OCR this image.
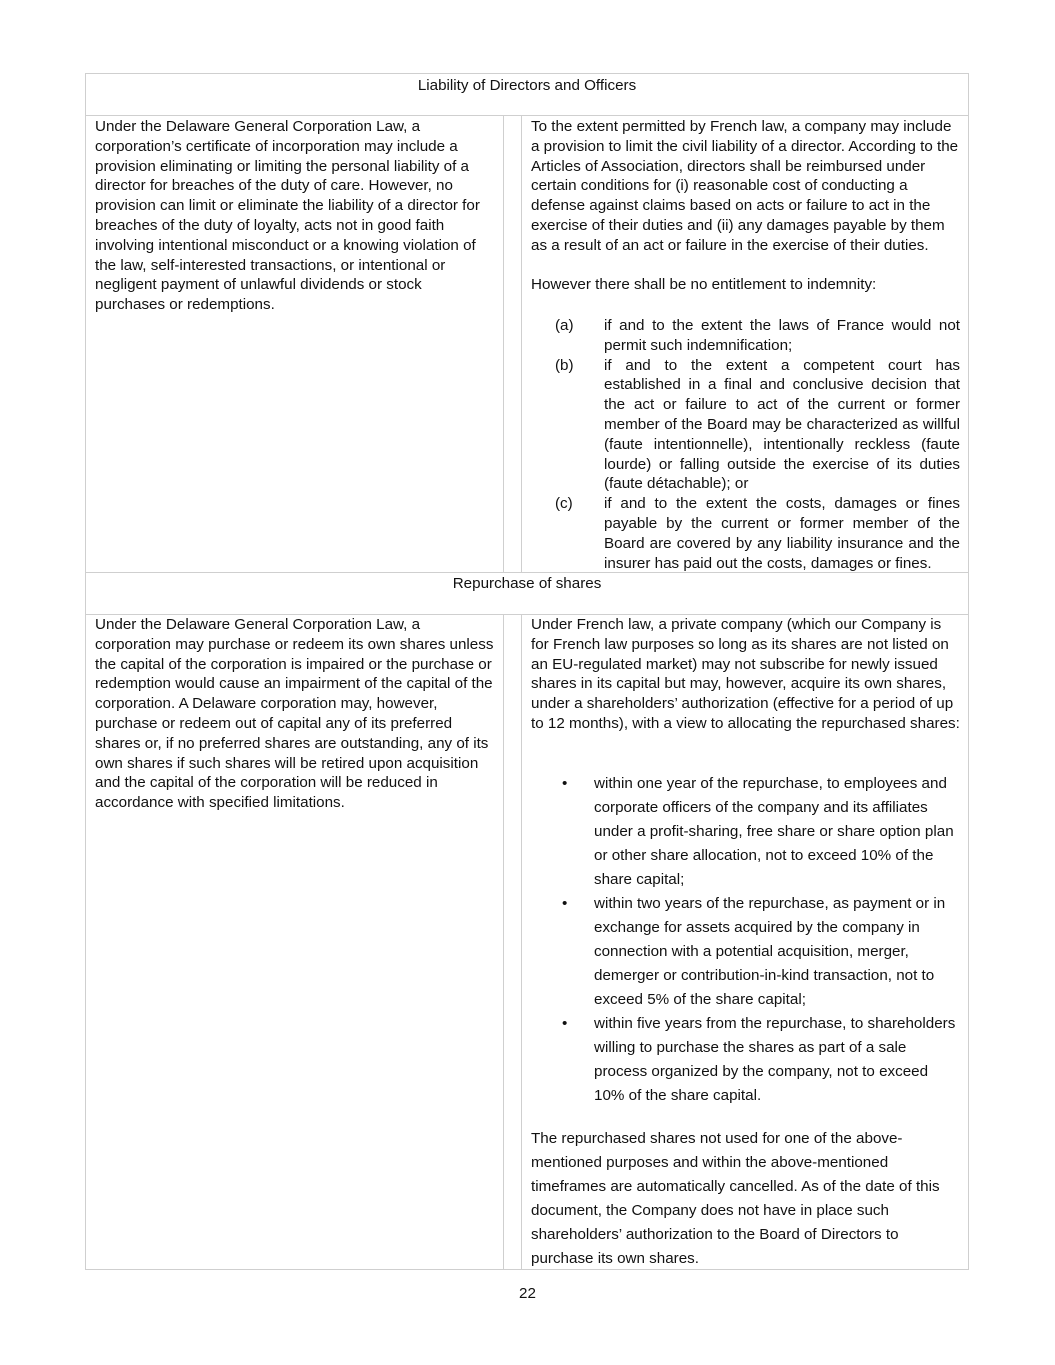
Liability of Directors and Officers

Under the Delaware General Corporation Law, a corporation’s certificate of incorporation may include a provision eliminating or limiting the personal liability of a director for breaches of the duty of care. However, no provision can limit or eliminate the liability of a director for breaches of the duty of loyalty, acts not in good faith involving intentional misconduct or a knowing violation of the law, self-interested transactions, or intentional or negligent payment of unlawful dividends or stock purchases or redemptions.

To the extent permitted by French law, a company may include a provision to limit the civil liability of a director. According to the Articles of Association, directors shall be reimbursed under certain conditions for (i) reasonable cost of conducting a defense against claims based on acts or failure to act in the exercise of their duties and (ii) any damages payable by them as a result of an act or failure in the exercise of their duties.

However there shall be no entitlement to indemnity:

(a) if and to the extent the laws of France would not permit such indemnification;
(b) if and to the extent a competent court has established in a final and conclusive decision that the act or failure to act of the current or former member of the Board may be characterized as willful (faute intentionnelle), intentionally reckless (faute lourde) or falling outside the exercise of its duties (faute détachable); or
(c) if and to the extent the costs, damages or fines payable by the current or former member of the Board are covered by any liability insurance and the insurer has paid out the costs, damages or fines.
Repurchase of shares

Under the Delaware General Corporation Law, a corporation may purchase or redeem its own shares unless the capital of the corporation is impaired or the purchase or redemption would cause an impairment of the capital of the corporation. A Delaware corporation may, however, purchase or redeem out of capital any of its preferred shares or, if no preferred shares are outstanding, any of its own shares if such shares will be retired upon acquisition and the capital of the corporation will be reduced in accordance with specified limitations.

Under French law, a private company (which our Company is for French law purposes so long as its shares are not listed on an EU-regulated market) may not subscribe for newly issued shares in its capital but may, however, acquire its own shares, under a shareholders’ authorization (effective for a period of up to 12 months), with a view to allocating the repurchased shares:

• within one year of the repurchase, to employees and corporate officers of the company and its affiliates under a profit-sharing, free share or share option plan or other share allocation, not to exceed 10% of the share capital;
• within two years of the repurchase, as payment or in exchange for assets acquired by the company in connection with a potential acquisition, merger, demerger or contribution-in-kind transaction, not to exceed 5% of the share capital;
• within five years from the repurchase, to shareholders willing to purchase the shares as part of a sale process organized by the company, not to exceed 10% of the share capital.
The repurchased shares not used for one of the above-mentioned purposes and within the above-mentioned timeframes are automatically cancelled. As of the date of this document, the Company does not have in place such shareholders’ authorization to the Board of Directors to purchase its own shares.
22
